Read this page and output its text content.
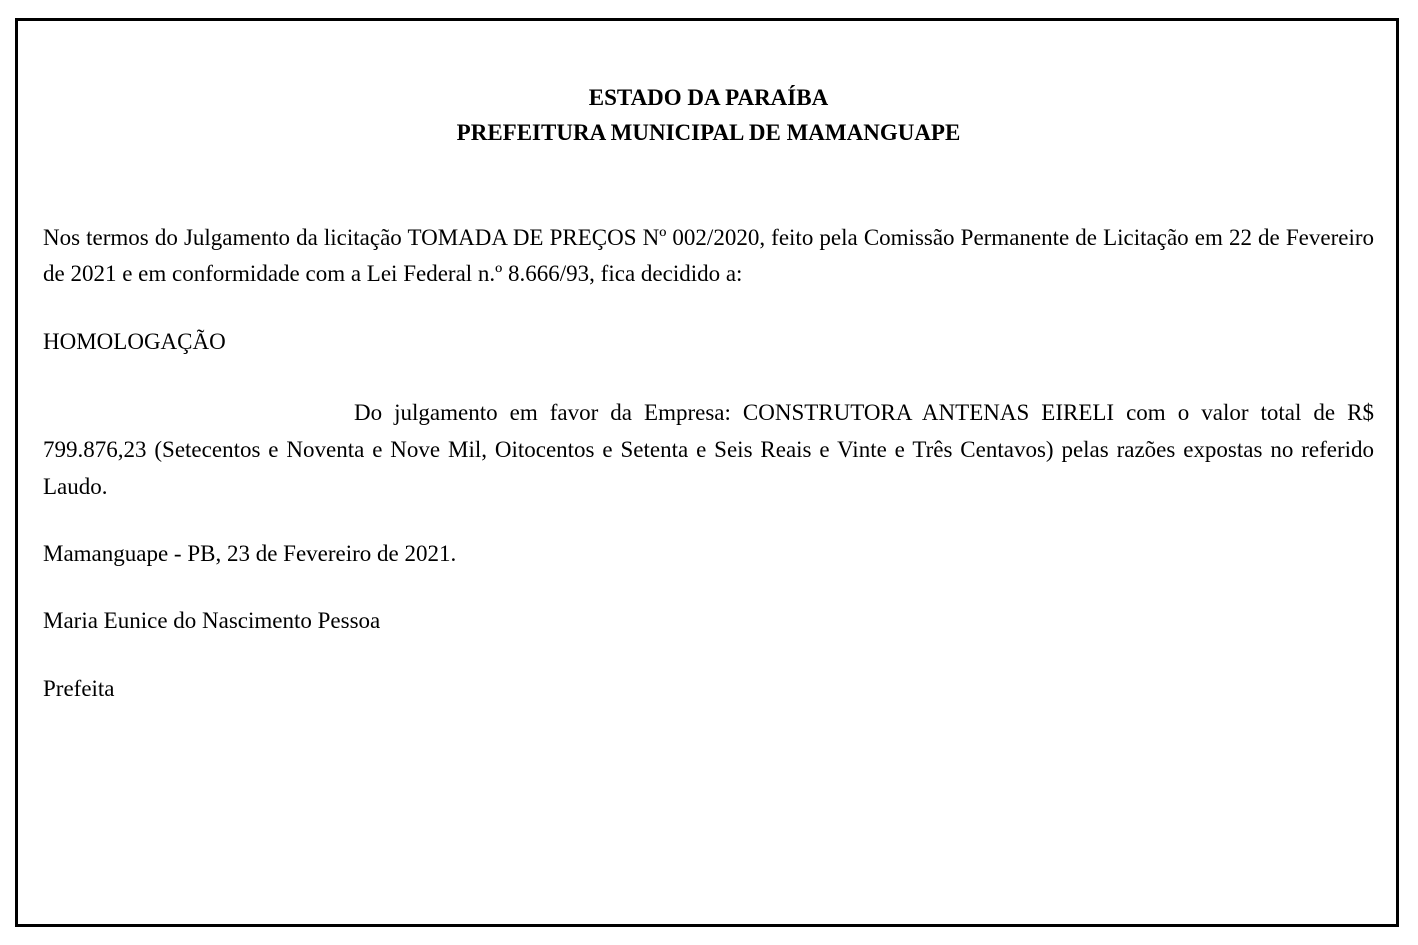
ESTADO DA PARAÍBA

PREFEITURA MUNICIPAL DE MAMANGUAPE

Nos termos do Julgamento da licitação TOMADA DE PREÇOS Nº 002/2020, feito pela Comissão Permanente de Licitação em 22 de Fevereiro de 2021 e em conformidade com a Lei Federal n.º 8.666/93, fica decidido a:

HOMOLOGAÇÃO

Do julgamento em favor da Empresa: CONSTRUTORA ANTENAS EIRELI com o valor total de R$ 799.876,23 (Setecentos e Noventa e Nove Mil, Oitocentos e Setenta e Seis Reais e Vinte e Três Centavos) pelas razões expostas no referido Laudo.

Mamanguape - PB, 23 de Fevereiro de 2021.

Maria Eunice do Nascimento Pessoa

Prefeita
